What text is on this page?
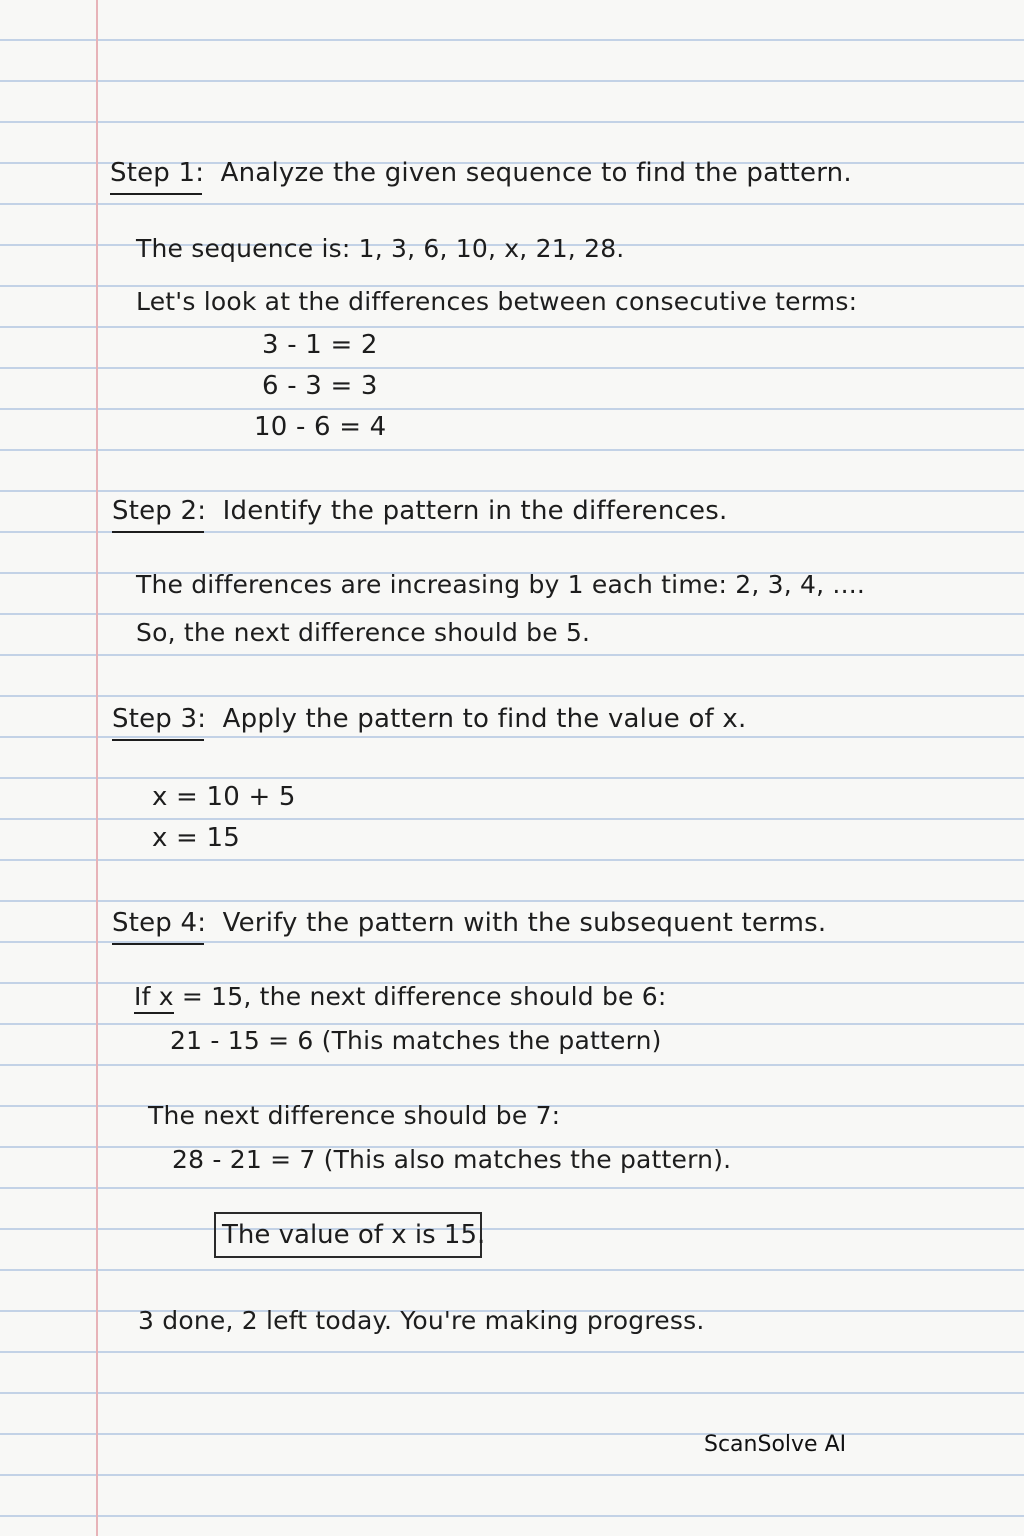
Step 1: Analyze the given sequence to find the pattern.
The sequence is: 1, 3, 6, 10, x, 21, 28.
Let's look at the differences between consecutive terms:
3 - 1 = 2
6 - 3 = 3
10 - 6 = 4
Step 2: Identify the pattern in the differences.
The differences are increasing by 1 each time: 2, 3, 4, ....
So, the next difference should be 5.
Step 3: Apply the pattern to find the value of x.
x = 10 + 5
x = 15
Step 4: Verify the pattern with the subsequent terms.
If x = 15, the next difference should be 6:
21 - 15 = 6 (This matches the pattern)
The next difference should be 7:
28 - 21 = 7 (This also matches the pattern).
The value of x is 15.
3 done, 2 left today. You're making progress.
ScanSolve AI
